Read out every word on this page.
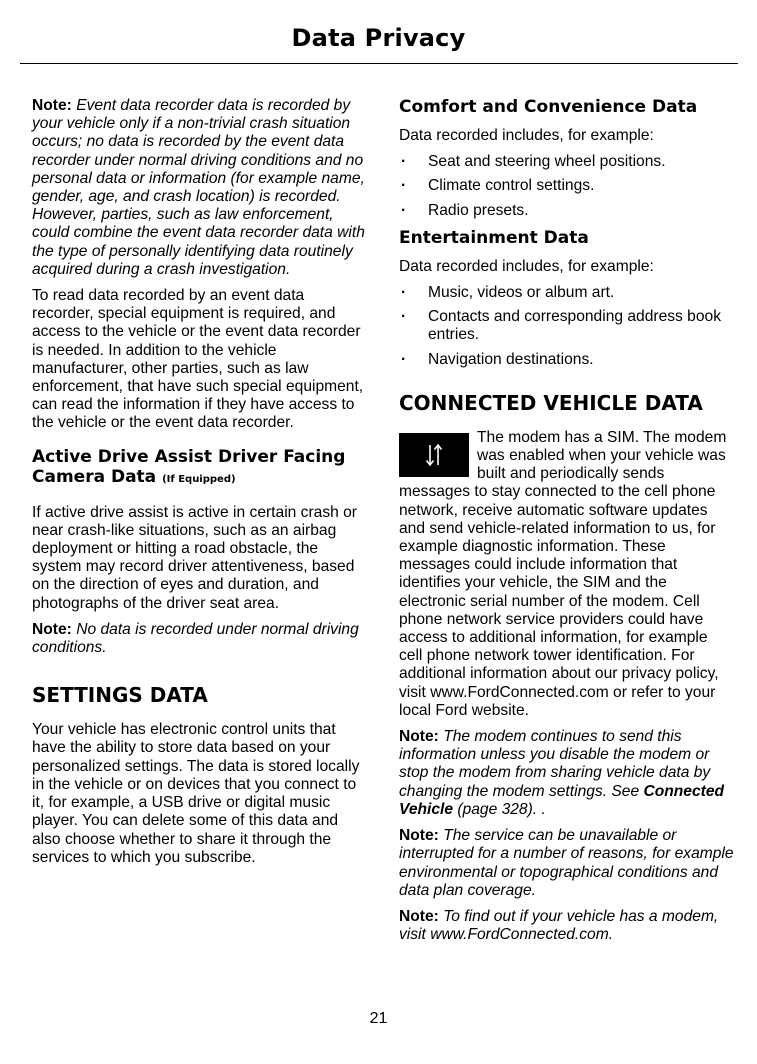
Data Privacy

Note: Event data recorder data is recorded by your vehicle only if a non-trivial crash situation occurs; no data is recorded by the event data recorder under normal driving conditions and no personal data or information (for example name, gender, age, and crash location) is recorded. However, parties, such as law enforcement, could combine the event data recorder data with the type of personally identifying data routinely acquired during a crash investigation.

To read data recorded by an event data recorder, special equipment is required, and access to the vehicle or the event data recorder is needed. In addition to the vehicle manufacturer, other parties, such as law enforcement, that have such special equipment, can read the information if they have access to the vehicle or the event data recorder.

Active Drive Assist Driver Facing Camera Data (If Equipped)

If active drive assist is active in certain crash or near crash-like situations, such as an airbag deployment or hitting a road obstacle, the system may record driver attentiveness, based on the direction of eyes and duration, and photographs of the driver seat area.

Note: No data is recorded under normal driving conditions.

SETTINGS DATA

Your vehicle has electronic control units that have the ability to store data based on your personalized settings. The data is stored locally in the vehicle or on devices that you connect to it, for example, a USB drive or digital music player. You can delete some of this data and also choose whether to share it through the services to which you subscribe.

Comfort and Convenience Data

Data recorded includes, for example:

· Seat and steering wheel positions.
· Climate control settings.
· Radio presets.
Entertainment Data

Data recorded includes, for example:

· Music, videos or album art.
· Contacts and corresponding address book entries.
· Navigation destinations.
CONNECTED VEHICLE DATA

The modem has a SIM. The modem was enabled when your vehicle was built and periodically sends messages to stay connected to the cell phone network, receive automatic software updates and send vehicle-related information to us, for example diagnostic information. These messages could include information that identifies your vehicle, the SIM and the electronic serial number of the modem. Cell phone network service providers could have access to additional information, for example cell phone network tower identification. For additional information about our privacy policy, visit www.FordConnected.com or refer to your local Ford website.

Note: The modem continues to send this information unless you disable the modem or stop the modem from sharing vehicle data by changing the modem settings. See Connected Vehicle (page 328). .

Note: The service can be unavailable or interrupted for a number of reasons, for example environmental or topographical conditions and data plan coverage.

Note: To find out if your vehicle has a modem, visit www.FordConnected.com.

21
